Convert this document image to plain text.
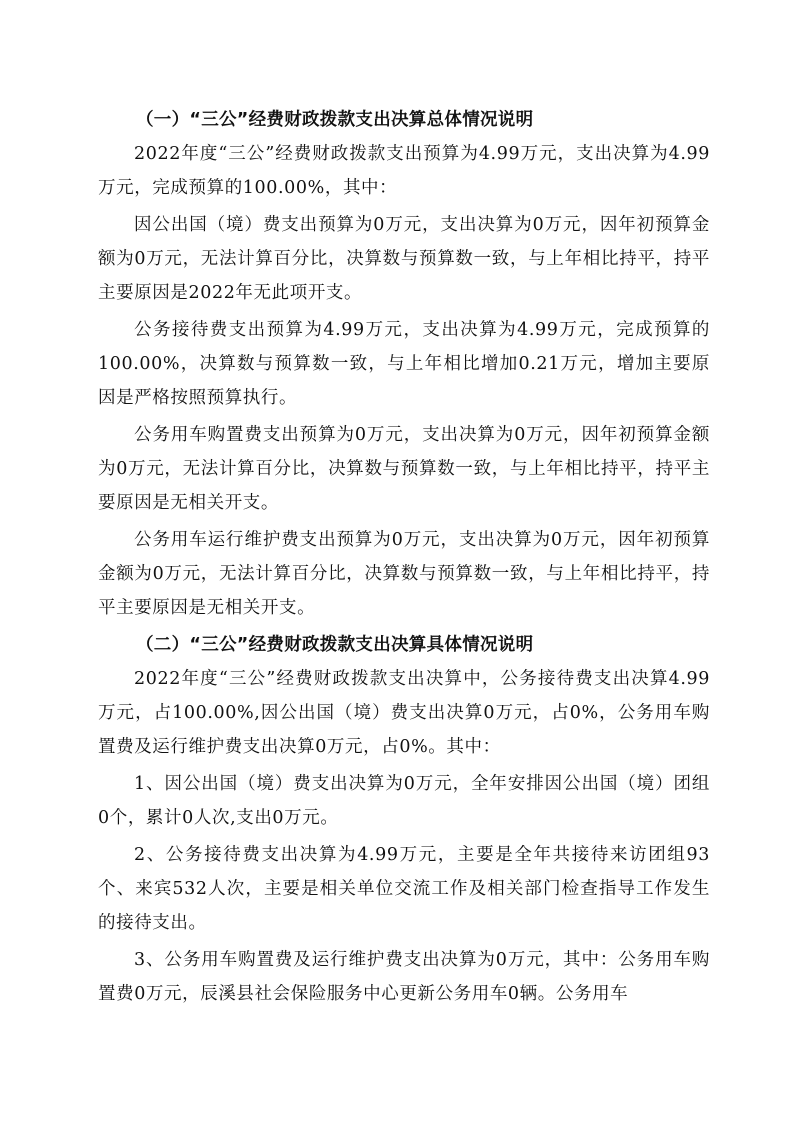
（一）“三公”经费财政拨款支出决算总体情况说明

2022年度“三公”经费财政拨款支出预算为4.99万元，支出决算为4.99万元，完成预算的100.00%，其中：

因公出国（境）费支出预算为0万元，支出决算为0万元，因年初预算金额为0万元，无法计算百分比，决算数与预算数一致，与上年相比持平，持平主要原因是2022年无此项开支。

公务接待费支出预算为4.99万元，支出决算为4.99万元，完成预算的100.00%，决算数与预算数一致，与上年相比增加0.21万元，增加主要原因是严格按照预算执行。

公务用车购置费支出预算为0万元，支出决算为0万元，因年初预算金额为0万元，无法计算百分比，决算数与预算数一致，与上年相比持平，持平主要原因是无相关开支。

公务用车运行维护费支出预算为0万元，支出决算为0万元，因年初预算金额为0万元，无法计算百分比，决算数与预算数一致，与上年相比持平，持平主要原因是无相关开支。

（二）“三公”经费财政拨款支出决算具体情况说明

2022年度“三公”经费财政拨款支出决算中，公务接待费支出决算4.99万元，占100.00%,因公出国（境）费支出决算0万元，占0%，公务用车购置费及运行维护费支出决算0万元，占0%。其中：

1、因公出国（境）费支出决算为0万元，全年安排因公出国（境）团组0个，累计0人次,支出0万元。

2、公务接待费支出决算为4.99万元，主要是全年共接待来访团组93个、来宾532人次，主要是相关单位交流工作及相关部门检查指导工作发生的接待支出。

3、公务用车购置费及运行维护费支出决算为0万元，其中：公务用车购置费0万元，辰溪县社会保险服务中心更新公务用车0辆。公务用车
